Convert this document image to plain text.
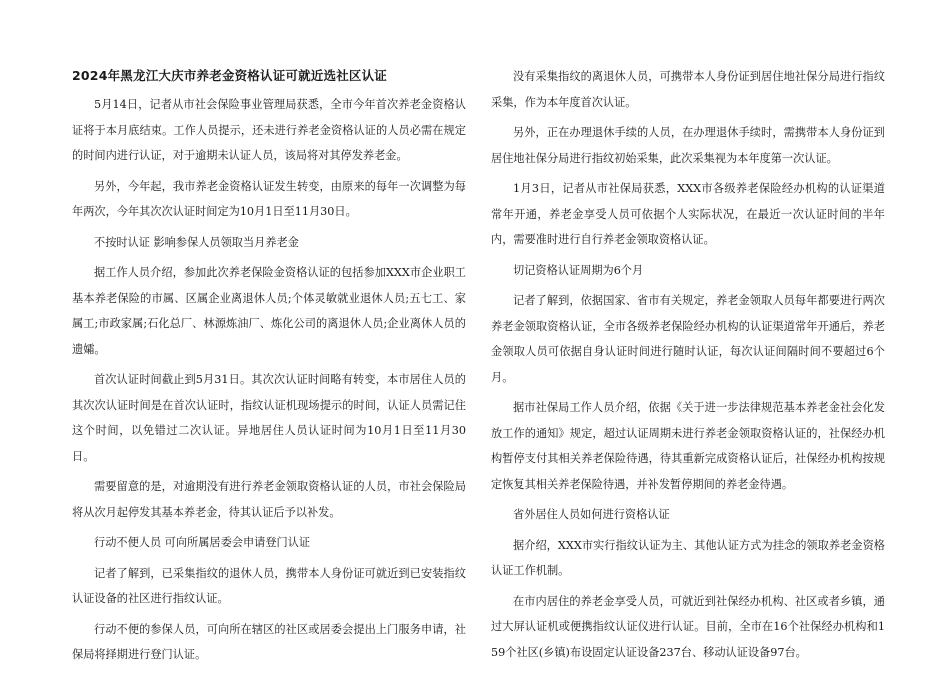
2024年黑龙江大庆市养老金资格认证可就近选社区认证

5月14日，记者从市社会保险事业管理局获悉，全市今年首次养老金资格认证将于本月底结束。工作人员提示，还未进行养老金资格认证的人员必需在规定的时间内进行认证，对于逾期未认证人员，该局将对其停发养老金。

另外，今年起，我市养老金资格认证发生转变，由原来的每年一次调整为每年两次，今年其次次认证时间定为10月1日至11月30日。

不按时认证 影响参保人员领取当月养老金

据工作人员介绍，参加此次养老保险金资格认证的包括参加XXX市企业职工基本养老保险的市属、区属企业离退休人员;个体灵敏就业退休人员;五七工、家属工;市政家属;石化总厂、林源炼油厂、炼化公司的离退休人员;企业离休人员的遗孀。

首次认证时间截止到5月31日。其次次认证时间略有转变，本市居住人员的其次次认证时间是在首次认证时，指纹认证机现场提示的时间，认证人员需记住这个时间，以免错过二次认证。异地居住人员认证时间为10月1日至11月30日。

需要留意的是，对逾期没有进行养老金领取资格认证的人员，市社会保险局将从次月起停发其基本养老金，待其认证后予以补发。

行动不便人员 可向所属居委会申请登门认证

记者了解到，已采集指纹的退休人员，携带本人身份证可就近到已安装指纹认证设备的社区进行指纹认证。

行动不便的参保人员，可向所在辖区的社区或居委会提出上门服务申请，社保局将择期进行登门认证。

没有采集指纹的离退休人员，可携带本人身份证到居住地社保分局进行指纹采集，作为本年度首次认证。

另外，正在办理退休手续的人员，在办理退休手续时，需携带本人身份证到居住地社保分局进行指纹初始采集，此次采集视为本年度第一次认证。

1月3日，记者从市社保局获悉，XXX市各级养老保险经办机构的认证渠道常年开通，养老金享受人员可依据个人实际状况，在最近一次认证时间的半年内，需要准时进行自行养老金领取资格认证。

切记资格认证周期为6个月

记者了解到，依据国家、省市有关规定，养老金领取人员每年都要进行两次养老金领取资格认证，全市各级养老保险经办机构的认证渠道常年开通后，养老金领取人员可依据自身认证时间进行随时认证，每次认证间隔时间不要超过6个月。

据市社保局工作人员介绍，依据《关于进一步法律规范基本养老金社会化发放工作的通知》规定，超过认证周期未进行养老金领取资格认证的，社保经办机构暂停支付其相关养老保险待遇，待其重新完成资格认证后，社保经办机构按规定恢复其相关养老保险待遇，并补发暂停期间的养老金待遇。

省外居住人员如何进行资格认证

据介绍，XXX市实行指纹认证为主、其他认证方式为挂念的领取养老金资格认证工作机制。

在市内居住的养老金享受人员，可就近到社保经办机构、社区或者乡镇，通过大屏认证机或便携指纹认证仪进行认证。目前，全市在16个社保经办机构和159个社区(乡镇)布设固定认证设备237台、移动认证设备97台。
